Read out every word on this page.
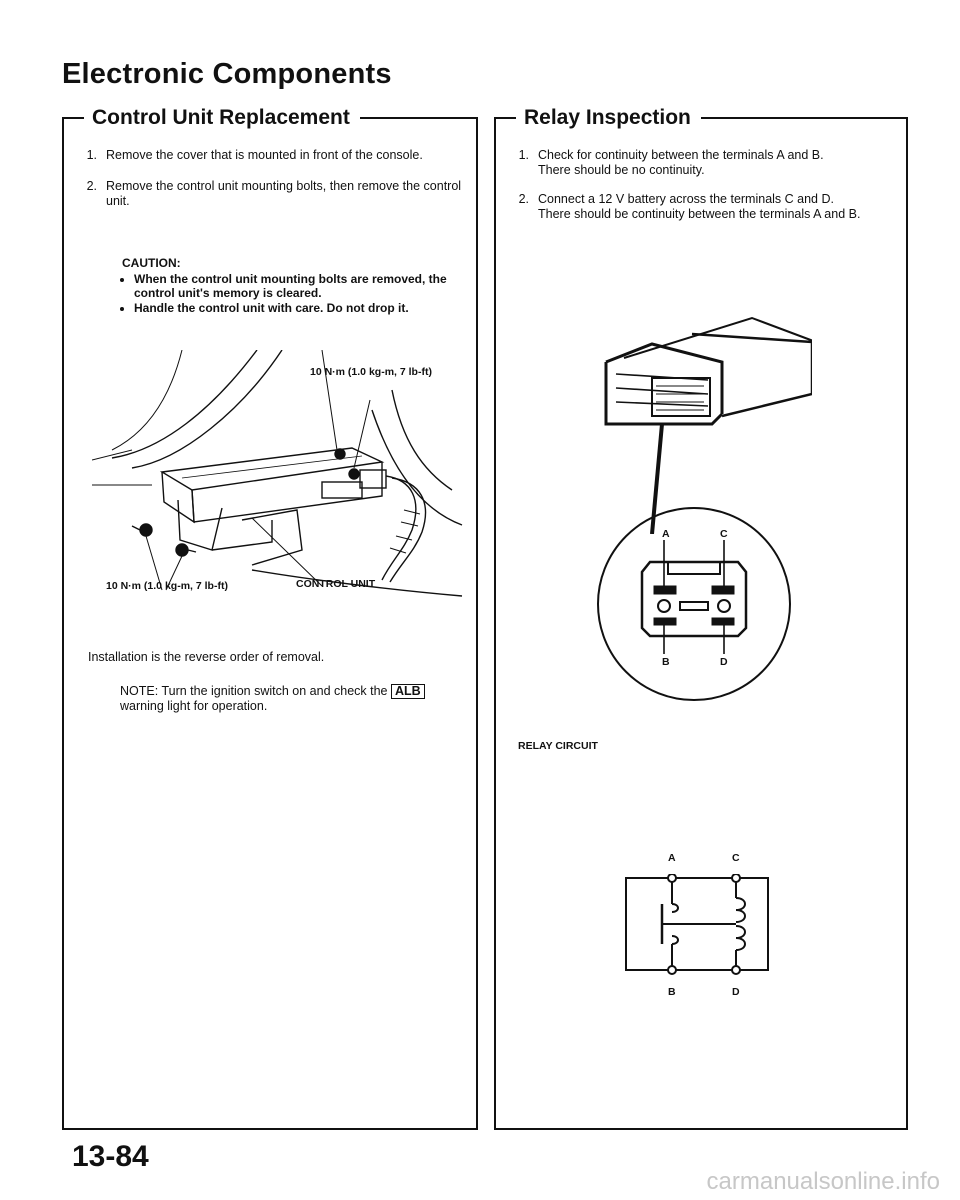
Electronic Components
Control Unit Replacement
1. Remove the cover that is mounted in front of the console.
2. Remove the control unit mounting bolts, then remove the control unit.
CAUTION:
• When the control unit mounting bolts are removed, the control unit's memory is cleared.
• Handle the control unit with care. Do not drop it.
10 N·m (1.0 kg-m, 7 lb-ft)
10 N·m (1.0 kg-m, 7 lb-ft)	CONTROL UNIT
Installation is the reverse order of removal.
NOTE: Turn the ignition switch on and check the ALB warning light for operation.
Relay Inspection
1. Check for continuity between the terminals A and B.
There should be no continuity.
2. Connect a 12 V battery across the terminals C and D.
There should be continuity between the terminals A and B.
A	C
B	D
RELAY CIRCUIT
A	C
B	D
13-84
carmanualsonline.info
